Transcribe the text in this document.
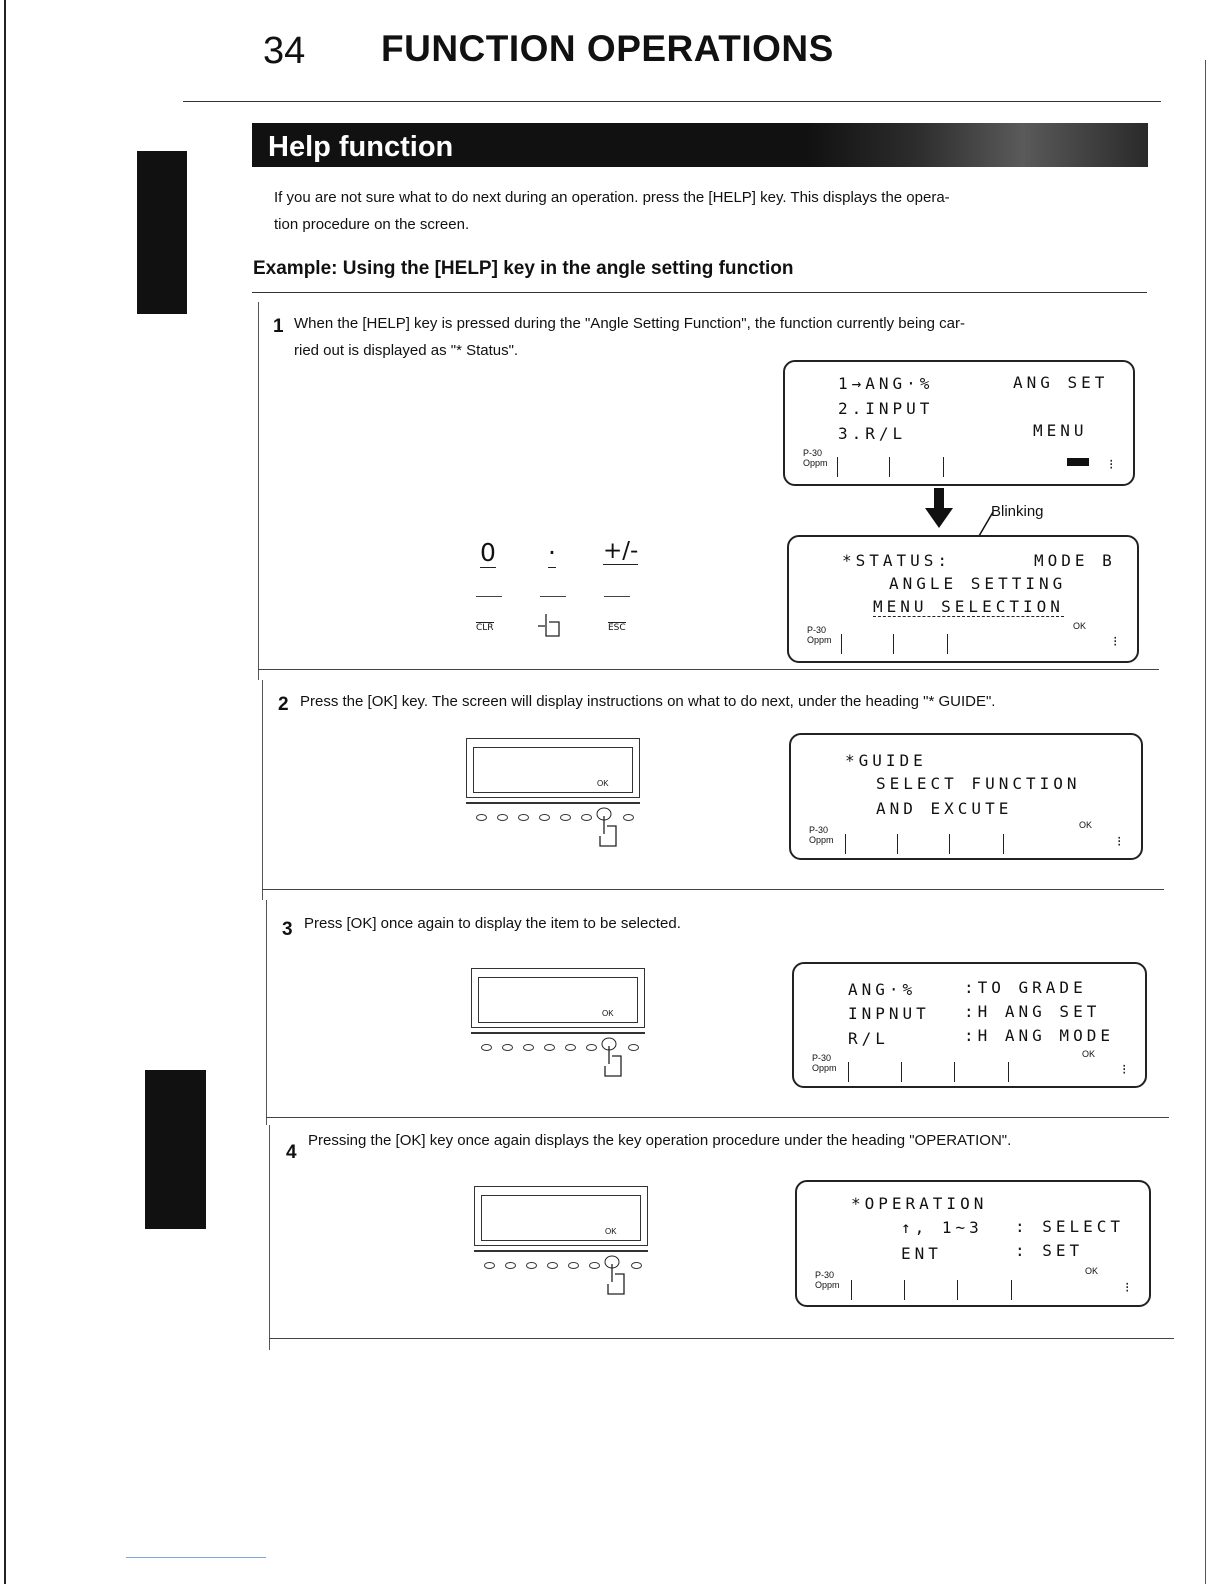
34 FUNCTION OPERATIONS
Help function
If you are not sure what to do next during an operation. press the [HELP] key. This displays the opera-
tion procedure on the screen.
Example: Using the [HELP] key in the angle setting function
1 When the [HELP] key is pressed during the "Angle Setting Function", the function currently being car-
ried out is displayed as "* Status".
1→ANG·%	ANG SET
2.INPUT
3.R/L	MENU
P-30
Oppm	⁝
Blinking
*STATUS:	MODE B
ANGLE SETTING
MENU SELECTION
OK
P-30
Oppm	⁝
0 · +/-
CLR	ESC
2 Press the [OK] key. The screen will display instructions on what to do next, under the heading "* GUIDE".
OK
*GUIDE
SELECT FUNCTION
AND EXCUTE
OK
P-30
Oppm	⁝
3 Press [OK] once again to display the item to be selected.
OK
ANG·%	:TO GRADE
INPNUT :H ANG SET
R/L	:H ANG MODE
OK
P-30
Oppm	⁝
4
Pressing the [OK] key once again displays the key operation procedure under the heading "OPERATION".
OK
*OPERATION
↑, 1~3 : SELECT
ENT	: SET
OK
P-30
Oppm	⁝
